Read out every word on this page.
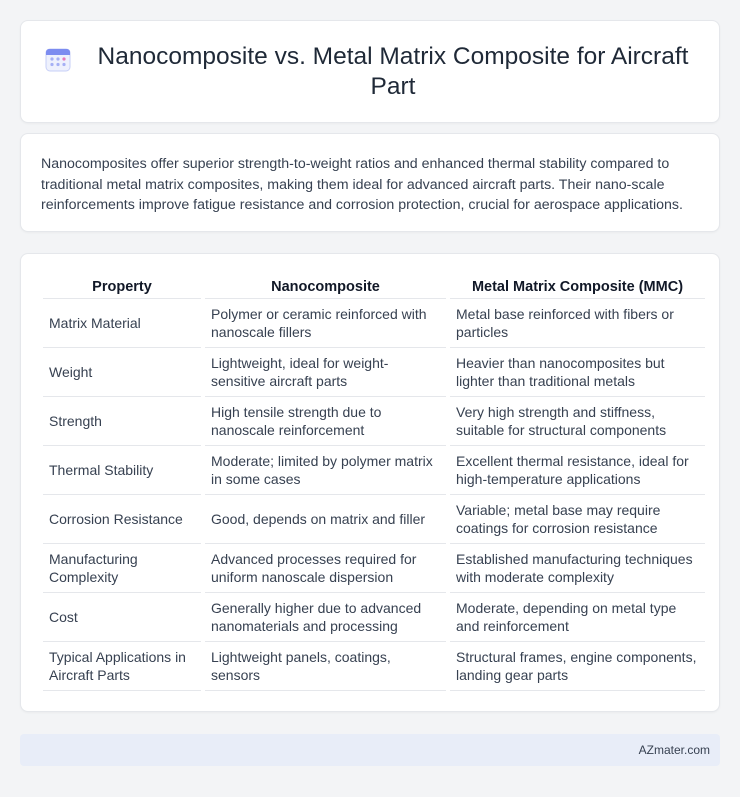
Nanocomposite vs. Metal Matrix Composite for Aircraft Part

Nanocomposites offer superior strength-to-weight ratios and enhanced thermal stability compared to traditional metal matrix composites, making them ideal for advanced aircraft parts. Their nano-scale reinforcements improve fatigue resistance and corrosion protection, crucial for aerospace applications.

Property	Nanocomposite	Metal Matrix Composite (MMC)
Matrix Material	Polymer or ceramic reinforced with nanoscale fillers	Metal base reinforced with fibers or particles
Weight	Lightweight, ideal for weight-sensitive aircraft parts	Heavier than nanocomposites but lighter than traditional metals
Strength	High tensile strength due to nanoscale reinforcement	Very high strength and stiffness, suitable for structural components
Thermal Stability	Moderate; limited by polymer matrix in some cases	Excellent thermal resistance, ideal for high-temperature applications
Corrosion Resistance	Good, depends on matrix and filler	Variable; metal base may require coatings for corrosion resistance
Manufacturing Complexity	Advanced processes required for uniform nanoscale dispersion	Established manufacturing techniques with moderate complexity
Cost	Generally higher due to advanced nanomaterials and processing	Moderate, depending on metal type and reinforcement
Typical Applications in Aircraft Parts	Lightweight panels, coatings, sensors	Structural frames, engine components, landing gear parts
AZmater.com
